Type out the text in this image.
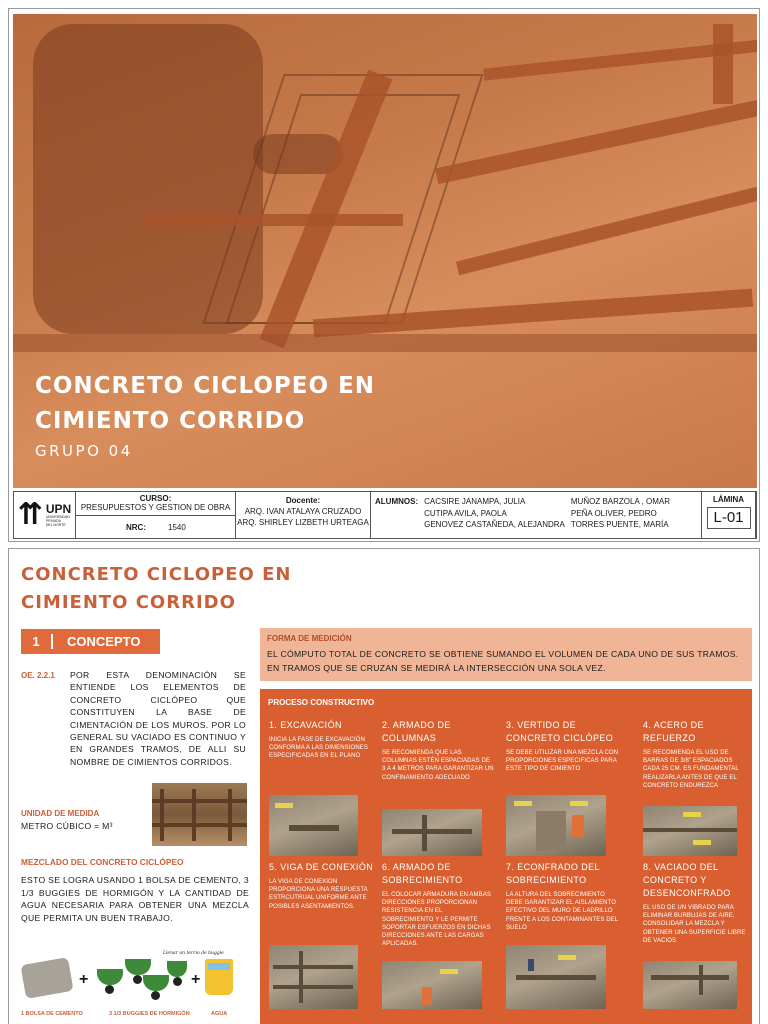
CONCRETO CICLOPEO EN
CIMIENTO CORRIDO
GRUPO 04
⇈ UPN
UNIVERSIDAD PRIVADA DEL NORTE
CURSO:
PRESUPUESTOS Y GESTION DE OBRA
NRC:	1540
Docente:
ARQ. IVAN ATALAYA CRUZADO
ARQ. SHIRLEY LIZBETH URTEAGA
ALUMNOS: CACSIRE JANAMPA, JULIA
CUTIPA AVILA, PAOLA
GENOVEZ CASTAÑEDA, ALEJANDRA
MUÑOZ BARZOLA , OMAR
PEÑA OLIVER, PEDRO
TORRES PUENTE, MARÍA
LÁMINA
L-01
CONCRETO CICLOPEO EN
CIMIENTO CORRIDO
1	CONCEPTO
OE. 2.2.1 POR ESTA DENOMINACIÓN SE ENTIENDE LOS ELEMENTOS DE CONCRETO CICLÓPEO QUE CONSTITUYEN LA BASE DE CIMENTACIÓN DE LOS MUROS. POR LO GENERAL SU VACIADO ES CONTINUO Y EN GRANDES TRAMOS, DE ALLI SU NOMBRE DE CIMIENTOS CORRIDOS.
UNIDAD DE MEDIDA
METRO CÚBICO = M³
MEZCLADO DEL CONCRETO CICLÓPEO
ESTO SE LOGRA USANDO 1 BOLSA DE CEMENTO, 3 1/3 BUGGIES DE HORMIGÓN Y LA CANTIDAD DE AGUA NECESARIA PARA OBTENER UNA MEZCLA QUE PERMITA UN BUEN TRABAJO.
+
Llenar un tercio de buggie
+
1 BOLSA DE CEMENTO	3 1/3 BUGGIES DE HORMIGÓN	AGUA
FORMA DE MEDICIÓN
EL CÓMPUTO TOTAL DE CONCRETO SE OBTIENE SUMANDO EL VOLUMEN DE CADA UNO DE SUS TRAMOS. EN TRAMOS QUE SE CRUZAN SE MEDIRÁ LA INTERSECCIÓN UNA SOLA VEZ.
PROCESO CONSTRUCTIVO
1. EXCAVACIÓN
INICIA LA FASE DE EXCAVACIÓN CONFORMA A LAS DIMENSIONES ESPECIFICADAS EN EL PLANO
2. ARMADO DE COLUMNAS
SE RECOMIENDA QUE LAS COLUMNAS ESTÉN ESPACIADAS DE 3 A 4 METROS PARA GARANTIZAR UN CONFINAMIENTO ADECUADO
3. VERTIDO DE CONCRETO CICLÓPEO
SE DEBE UTILIZAR UNA MEZCLA CON PROPORCIONES ESPECIFICAS PARA ESTE TIPO DE CIMIENTO
4. ACERO DE REFUERZO
SE RECOMIENDA EL USO DE BARRAS DE 3/8" ESPACIADOS CADA 25 CM. ES FUNDAMENTAL REALIZARLA ANTES DE QUE EL CONCRETO ENDUREZCA
5. VIGA DE CONEXIÓN
LA VIGA DE CONEXION PROPORCIONA UNA RESPUESTA ESTRCUTRUAL UNIFORME ANTE POSIBLES ASENTAMIENTOS.
6. ARMADO DE SOBRECIMIENTO
EL COLOCAR ARMADURA EN AMBAS DIRECCIONES PROPORCIONAN RESISTENCIA EN EL SOBRECIMIENTO Y LE PERMITE SOPORTAR ESFUERZOS EN DICHAS DIRECCIONES ANTE LAS CARGAS APLICADAS.
7. ECONFRADO DEL SOBRECIMIENTO
LA ALTURA DEL SOBRECIMIENTO DEBE GARANTIZAR EL AISLAMIENTO EFECTIVO DEL MURO DE LADRILLO FRENTE A LOS CONTAMINANTES DEL SUELO
8. VACIADO DEL CONCRETO Y DESENCONFRADO
EL USO DE UN VIBRADO PARA ELIMINAR BURBUJAS DE AIRE, CONSOLIDAR LA MEZCLA Y OBTENER UNA SUPERFICIE LIBRE DE VACIOS
